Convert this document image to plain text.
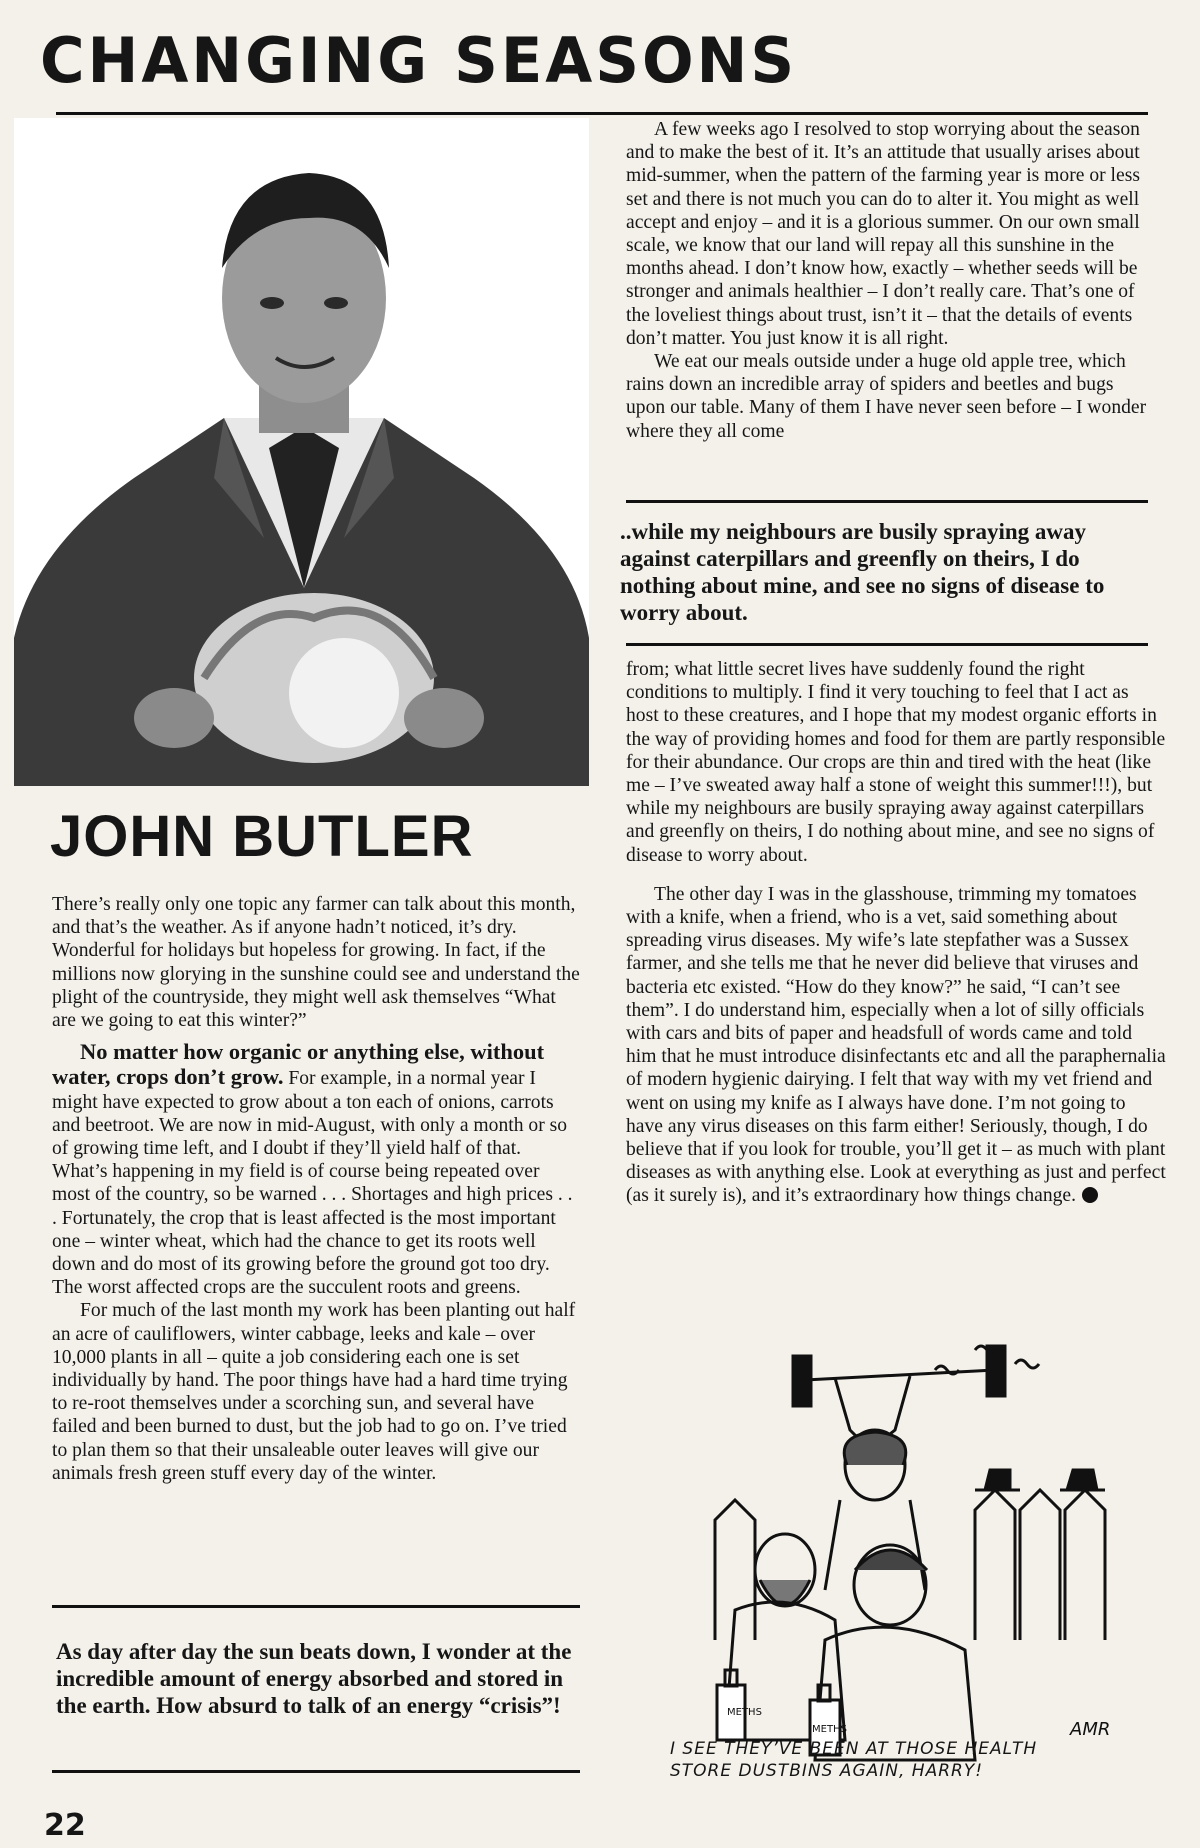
CHANGING SEASONS
JOHN BUTLER

There’s really only one topic any farmer can talk about this month, and that’s the weather. As if anyone hadn’t noticed, it’s dry. Wonderful for holidays but hopeless for growing. In fact, if the millions now glorying in the sunshine could see and understand the plight of the countryside, they might well ask themselves “What are we going to eat this winter?”

No matter how organic or anything else, without water, crops don’t grow. For example, in a normal year I might have expected to grow about a ton each of onions, carrots and beetroot. We are now in mid-August, with only a month or so of growing time left, and I doubt if they’ll yield half of that. What’s happening in my field is of course being repeated over most of the country, so be warned . . . Shortages and high prices . . . Fortunately, the crop that is least affected is the most important one – winter wheat, which had the chance to get its roots well down and do most of its growing before the ground got too dry. The worst affected crops are the succulent roots and greens.

For much of the last month my work has been planting out half an acre of cauliflowers, winter cabbage, leeks and kale – over 10,000 plants in all – quite a job considering each one is set individually by hand. The poor things have had a hard time trying to re-root themselves under a scorching sun, and several have failed and been burned to dust, but the job had to go on. I’ve tried to plan them so that their unsaleable outer leaves will give our animals fresh green stuff every day of the winter.

As day after day the sun beats down, I wonder at the incredible amount of energy absorbed and stored in the earth. How absurd to talk of an energy “crisis”!

A few weeks ago I resolved to stop worrying about the season and to make the best of it. It’s an attitude that usually arises about mid-summer, when the pattern of the farming year is more or less set and there is not much you can do to alter it. You might as well accept and enjoy – and it is a glorious summer. On our own small scale, we know that our land will repay all this sunshine in the months ahead. I don’t know how, exactly – whether seeds will be stronger and animals healthier – I don’t really care. That’s one of the loveliest things about trust, isn’t it – that the details of events don’t matter. You just know it is all right.

We eat our meals outside under a huge old apple tree, which rains down an incredible array of spiders and beetles and bugs upon our table. Many of them I have never seen before – I wonder where they all come

..while my neighbours are busily spraying away against caterpillars and greenfly on theirs, I do nothing about mine, and see no signs of disease to worry about.

from; what little secret lives have suddenly found the right conditions to multiply. I find it very touching to feel that I act as host to these creatures, and I hope that my modest organic efforts in the way of providing homes and food for them are partly responsible for their abundance. Our crops are thin and tired with the heat (like me – I’ve sweated away half a stone of weight this summer!!!), but while my neighbours are busily spraying away against caterpillars and greenfly on theirs, I do nothing about mine, and see no signs of disease to worry about.

The other day I was in the glasshouse, trimming my tomatoes with a knife, when a friend, who is a vet, said something about spreading virus diseases. My wife’s late stepfather was a Sussex farmer, and she tells me that he never did believe that viruses and bacteria etc existed. “How do they know?” he said, “I can’t see them”. I do understand him, especially when a lot of silly officials with cars and bits of paper and headsfull of words came and told him that he must introduce disinfectants etc and all the paraphernalia of modern hygienic dairying. I felt that way with my vet friend and went on using my knife as I always have done. I’m not going to have any virus diseases on this farm either! Seriously, though, I do believe that if you look for trouble, you’ll get it – as much with plant diseases as with anything else. Look at everything as just and perfect (as it surely is), and it’s extraordinary how things change.

METHS
METHS	AMR
I SEE THEY’VE BEEN AT THOSE HEALTH STORE DUSTBINS AGAIN, HARRY!
22
